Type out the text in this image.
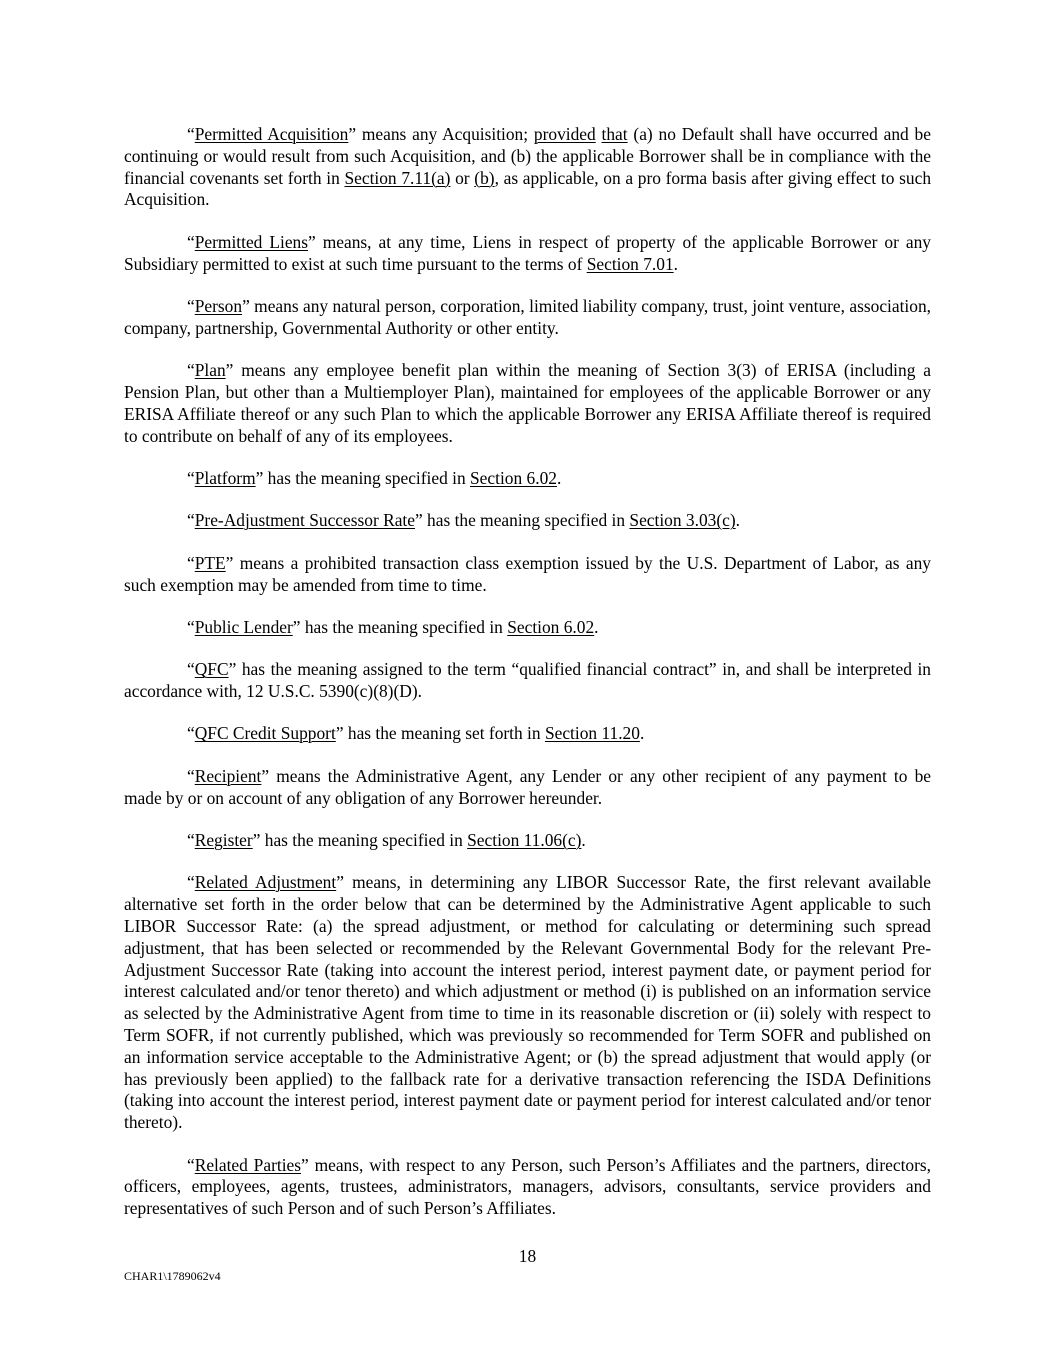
“Permitted Acquisition” means any Acquisition; provided that (a) no Default shall have occurred and be continuing or would result from such Acquisition, and (b) the applicable Borrower shall be in compliance with the financial covenants set forth in Section 7.11(a) or (b), as applicable, on a pro forma basis after giving effect to such Acquisition.

“Permitted Liens” means, at any time, Liens in respect of property of the applicable Borrower or any Subsidiary permitted to exist at such time pursuant to the terms of Section 7.01.

“Person” means any natural person, corporation, limited liability company, trust, joint venture, association, company, partnership, Governmental Authority or other entity.

“Plan” means any employee benefit plan within the meaning of Section 3(3) of ERISA (including a Pension Plan, but other than a Multiemployer Plan), maintained for employees of the applicable Borrower or any ERISA Affiliate thereof or any such Plan to which the applicable Borrower any ERISA Affiliate thereof is required to contribute on behalf of any of its employees.

“Platform” has the meaning specified in Section 6.02.

“Pre-Adjustment Successor Rate” has the meaning specified in Section 3.03(c).

“PTE” means a prohibited transaction class exemption issued by the U.S. Department of Labor, as any such exemption may be amended from time to time.

“Public Lender” has the meaning specified in Section 6.02.

“QFC” has the meaning assigned to the term “qualified financial contract” in, and shall be interpreted in accordance with, 12 U.S.C. 5390(c)(8)(D).

“QFC Credit Support” has the meaning set forth in Section 11.20.

“Recipient” means the Administrative Agent, any Lender or any other recipient of any payment to be made by or on account of any obligation of any Borrower hereunder.

“Register” has the meaning specified in Section 11.06(c).

“Related Adjustment” means, in determining any LIBOR Successor Rate, the first relevant available alternative set forth in the order below that can be determined by the Administrative Agent applicable to such LIBOR Successor Rate: (a) the spread adjustment, or method for calculating or determining such spread adjustment, that has been selected or recommended by the Relevant Governmental Body for the relevant Pre-Adjustment Successor Rate (taking into account the interest period, interest payment date, or payment period for interest calculated and/or tenor thereto) and which adjustment or method (i) is published on an information service as selected by the Administrative Agent from time to time in its reasonable discretion or (ii) solely with respect to Term SOFR, if not currently published, which was previously so recommended for Term SOFR and published on an information service acceptable to the Administrative Agent; or (b) the spread adjustment that would apply (or has previously been applied) to the fallback rate for a derivative transaction referencing the ISDA Definitions (taking into account the interest period, interest payment date or payment period for interest calculated and/or tenor thereto).

“Related Parties” means, with respect to any Person, such Person’s Affiliates and the partners, directors, officers, employees, agents, trustees, administrators, managers, advisors, consultants, service providers and representatives of such Person and of such Person’s Affiliates.

18
CHAR1\1789062v4
